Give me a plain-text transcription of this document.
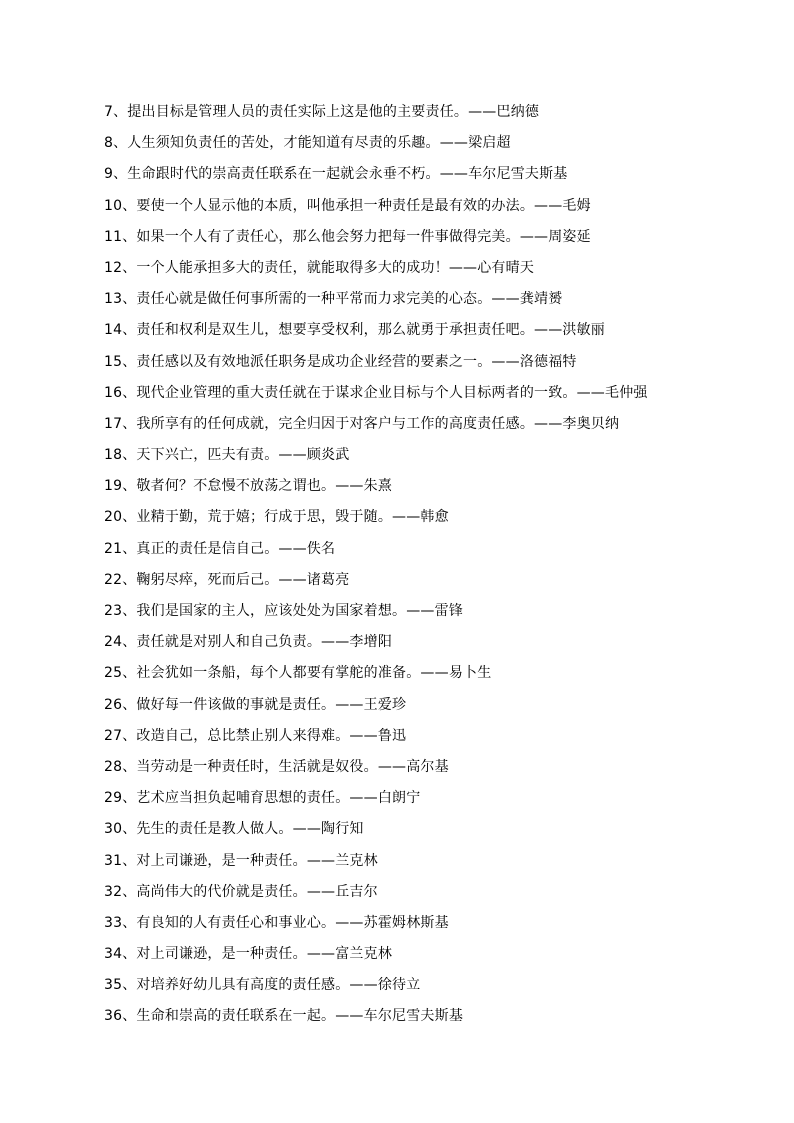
7、提出目标是管理人员的责任实际上这是他的主要责任。——巴纳德
8、人生须知负责任的苦处，才能知道有尽责的乐趣。——梁启超
9、生命跟时代的崇高责任联系在一起就会永垂不朽。——车尔尼雪夫斯基
10、要使一个人显示他的本质，叫他承担一种责任是最有效的办法。——毛姆
11、如果一个人有了责任心，那么他会努力把每一件事做得完美。——周姿延
12、一个人能承担多大的责任，就能取得多大的成功！——心有晴天
13、责任心就是做任何事所需的一种平常而力求完美的心态。——龚靖赟
14、责任和权利是双生儿，想要享受权利，那么就勇于承担责任吧。——洪敏丽
15、责任感以及有效地派任职务是成功企业经营的要素之一。——洛德福特
16、现代企业管理的重大责任就在于谋求企业目标与个人目标两者的一致。——毛仲强
17、我所享有的任何成就，完全归因于对客户与工作的高度责任感。——李奥贝纳
18、天下兴亡，匹夫有责。——顾炎武
19、敬者何？不怠慢不放荡之谓也。——朱熹
20、业精于勤，荒于嬉；行成于思，毁于随。——韩愈
21、真正的责任是信自己。——佚名
22、鞠躬尽瘁，死而后己。——诸葛亮
23、我们是国家的主人，应该处处为国家着想。——雷锋
24、责任就是对别人和自己负责。——李增阳
25、社会犹如一条船，每个人都要有掌舵的准备。——易卜生
26、做好每一件该做的事就是责任。——王爱珍
27、改造自己，总比禁止别人来得难。——鲁迅
28、当劳动是一种责任时，生活就是奴役。——高尔基
29、艺术应当担负起哺育思想的责任。——白朗宁
30、先生的责任是教人做人。——陶行知
31、对上司谦逊，是一种责任。——兰克林
32、高尚伟大的代价就是责任。——丘吉尔
33、有良知的人有责任心和事业心。——苏霍姆林斯基
34、对上司谦逊，是一种责任。——富兰克林
35、对培养好幼儿具有高度的责任感。——徐待立
36、生命和崇高的责任联系在一起。——车尔尼雪夫斯基
